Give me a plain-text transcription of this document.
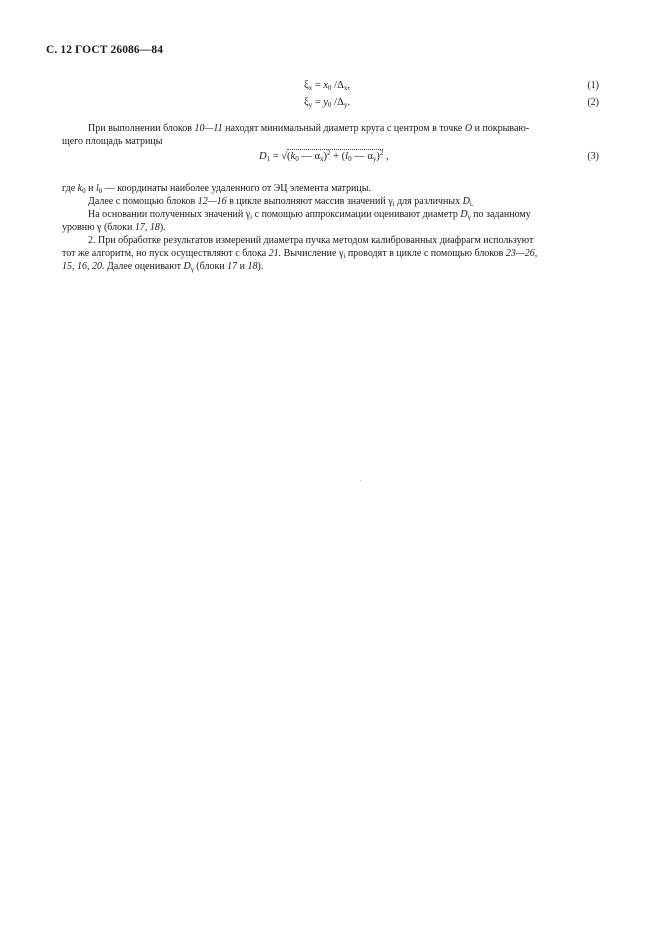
С. 12 ГОСТ 26086—84
$\xi_x = x_0$ $/\Delta_x$,	(1)
$\xi_y = y_0$ $/\Delta_y$.	(2)
При выполнении блоков 10—11 находят минимальный диаметр круга с центром в точке O и покрываю-
щего площадь матрицы
$D_1 = √(k_0$ — $\alpha_x)^2 + (l_0$ — $\alpha_y)^2$ ,	(3)
где $k_0$ и $l_0$ — координаты наиболее удаленного от ЭЦ элемента матрицы.
Далее с помощью блоков 12—16 в цикле выполняют массив значений $\gamma_i$ для различных $D_{i.}$
На основании полученных значений $\gamma_i$ с помощью аппроксимации оценивают диаметр $D_\gamma$ по заданному
уровню γ (блоки 17, 18).
2. При обработке результатов измерений диаметра пучка методом калиброванных диафрагм используют
тот же алгоритм, но пуск осуществляют с блока 21. Вычисление $\gamma_i$ проводят в цикле с помощью блоков 23—26,
15, 16, 20. Далее оценивают $D_\gamma$ (блоки 17 и 18).
